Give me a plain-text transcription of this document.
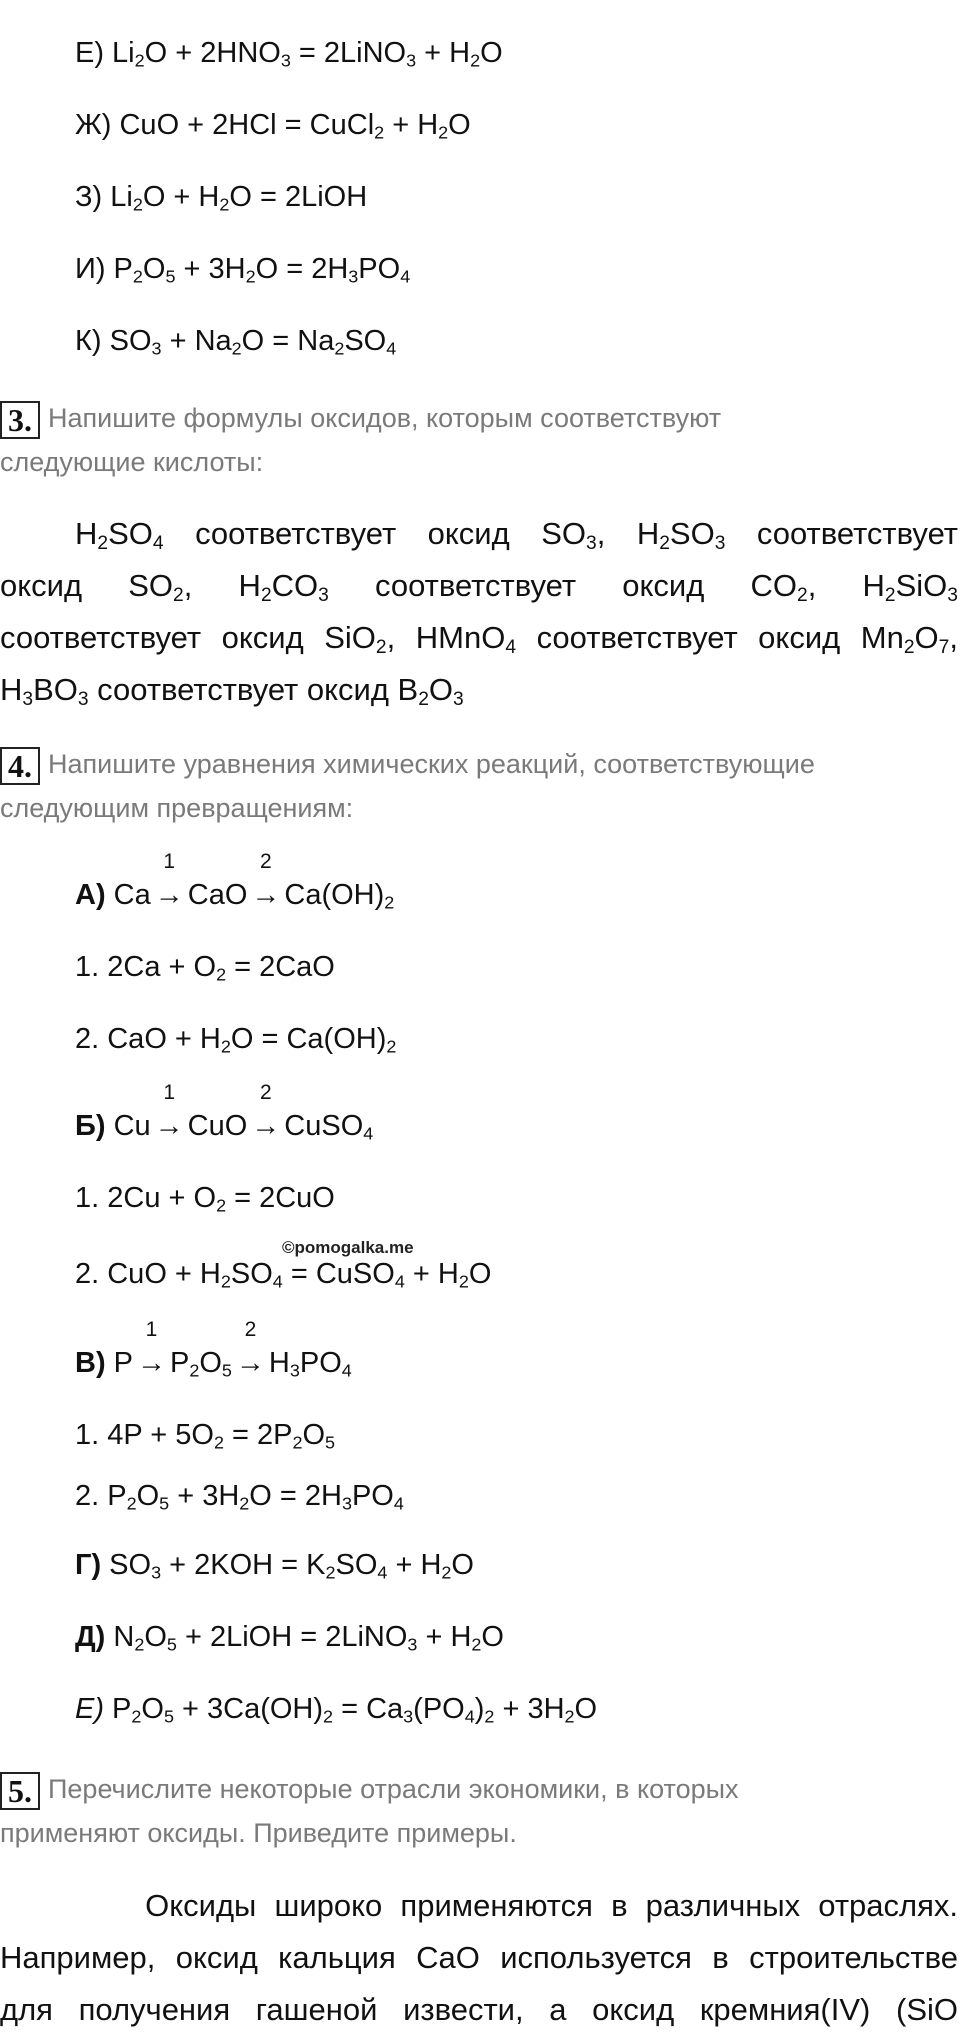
Е) $Li_2O + 2HNO_3$ = 2LiNO$_3$ + $H_2O$
Ж) CuO + 2HCl = CuCl$_2$ + $H_2O$
З) $Li_2O + H_2O$ = 2LiOH
И) $P_2O_5 + 3H_2O = 2H_3PO_4$
К) $SO_3 + Na_2O = Na_2SO_4$
3. Напишите формулы оксидов, которым соответствуют
следующие кислоты:
$H_2SO_4$ соответствует оксид $SO_3$, $H_2SO_3$ соответствует
оксид $SO_2$, $H_2CO_3$ соответствует оксид $CO_2$, $H_2SiO_3$
соответствует оксид SiO$_2$, HMnO$_4$ соответствует оксид $Mn_2O_7$,
$H_3BO_3$ соответствует оксид $B_2O_3$
4. Напишите уравнения химических реакций, соответствующие
следующим превращениям:
А) Ca →
1
CaO →
2
$Ca(OH)_2$
1. $2Ca + O_2 = 2CaO$
2. CaO + $H_2O = Ca(OH)_2$
Б) Cu →
1
CuO →
2
CuSO$_4$
1. $2Cu + O_2 = 2CuO$
©pomogalka.me
2. CuO + $H_2SO_4$ = CuSO$_4$ + $H_2O$
В) P →
1
$P_2O_5$ →
2
$H_3PO_4$
1. $4P + 5O_2 = 2P_2O_5$
2. $P_2O_5 + 3H_2O = 2H_3PO_4$
Г) $SO_3 + 2KOH = K_2SO_4 + H_2O$
Д) $N_2O_5$ + 2LiOH = 2LiNO$_3$ + $H_2O$
Е) $P_2O_5 + 3Ca(OH)_2 = Ca_3(PO_4)_2 + 3H_2O$
5. Перечислите некоторые отрасли экономики, в которых
применяют оксиды. Приведите примеры.
Оксиды широко применяются в различных отраслях.
Например, оксид кальция CaO используется в строительстве
для получения гашеной извести, а оксид кремния(IV) (SiO
